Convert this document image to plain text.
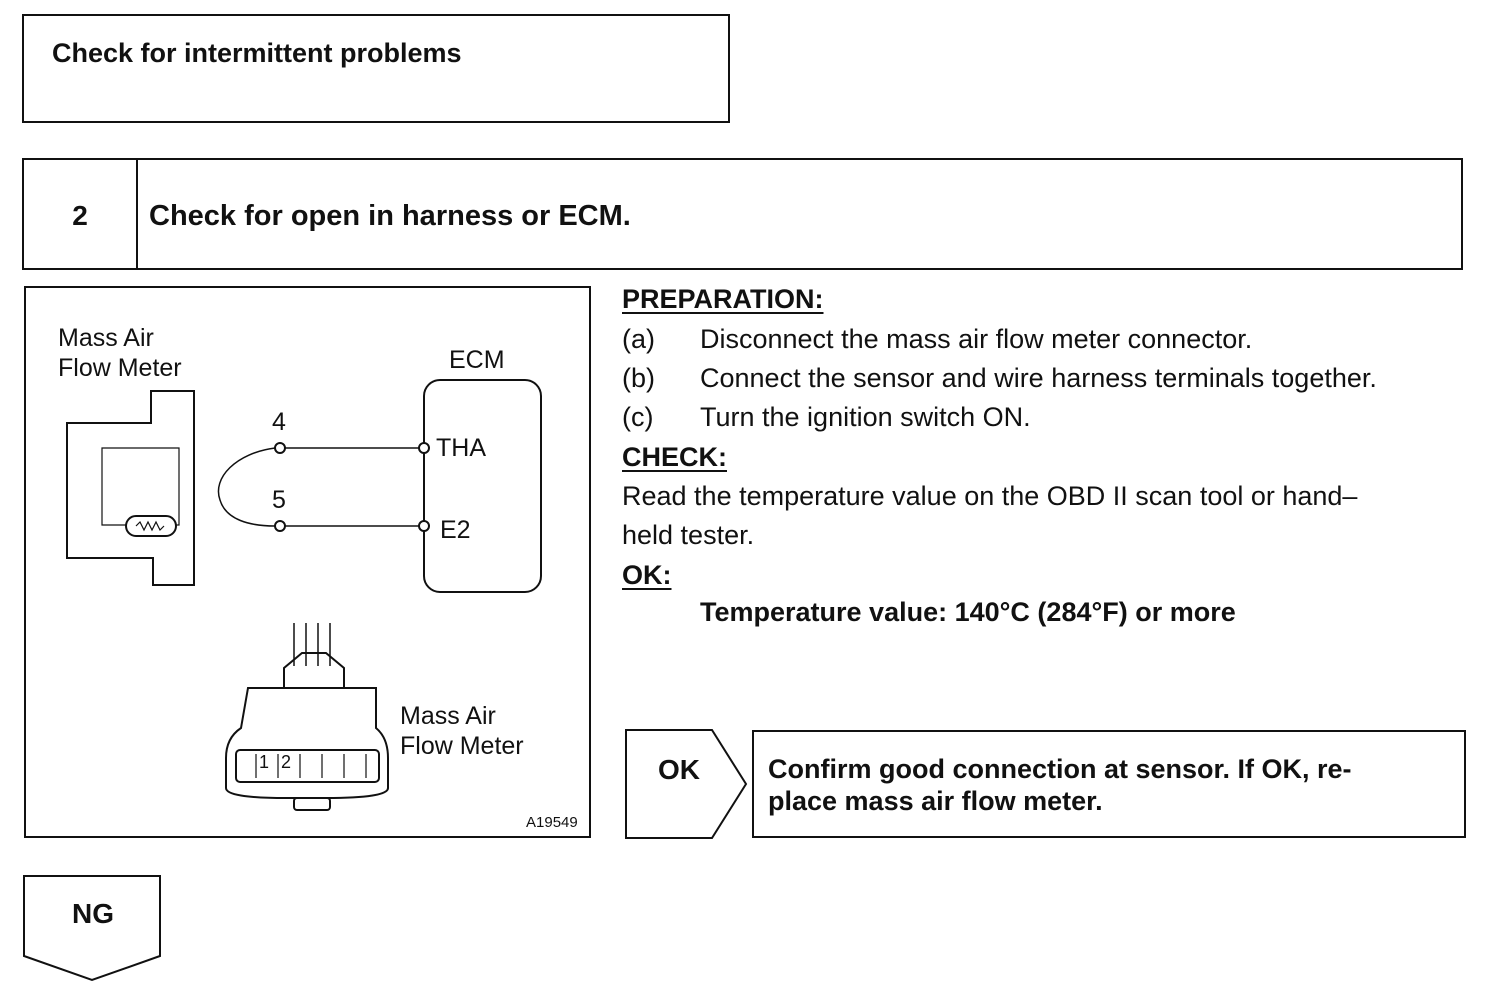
Check for intermittent problems
2	Check for open in harness or ECM.
Mass Air
Flow Meter	ECM
4
5
THA
E2
Mass Air
Flow Meter
1 2
A19549
PREPARATION:
(a) Disconnect the mass air flow meter connector.
(b) Connect the sensor and wire harness terminals together.
(c) Turn the ignition switch ON.
CHECK:
Read the temperature value on the OBD II scan tool or hand–
held tester.
OK:
Temperature value: 140°C (284°F) or more
OK	Confirm good connection at sensor. If OK, re-
place mass air flow meter.
NG
